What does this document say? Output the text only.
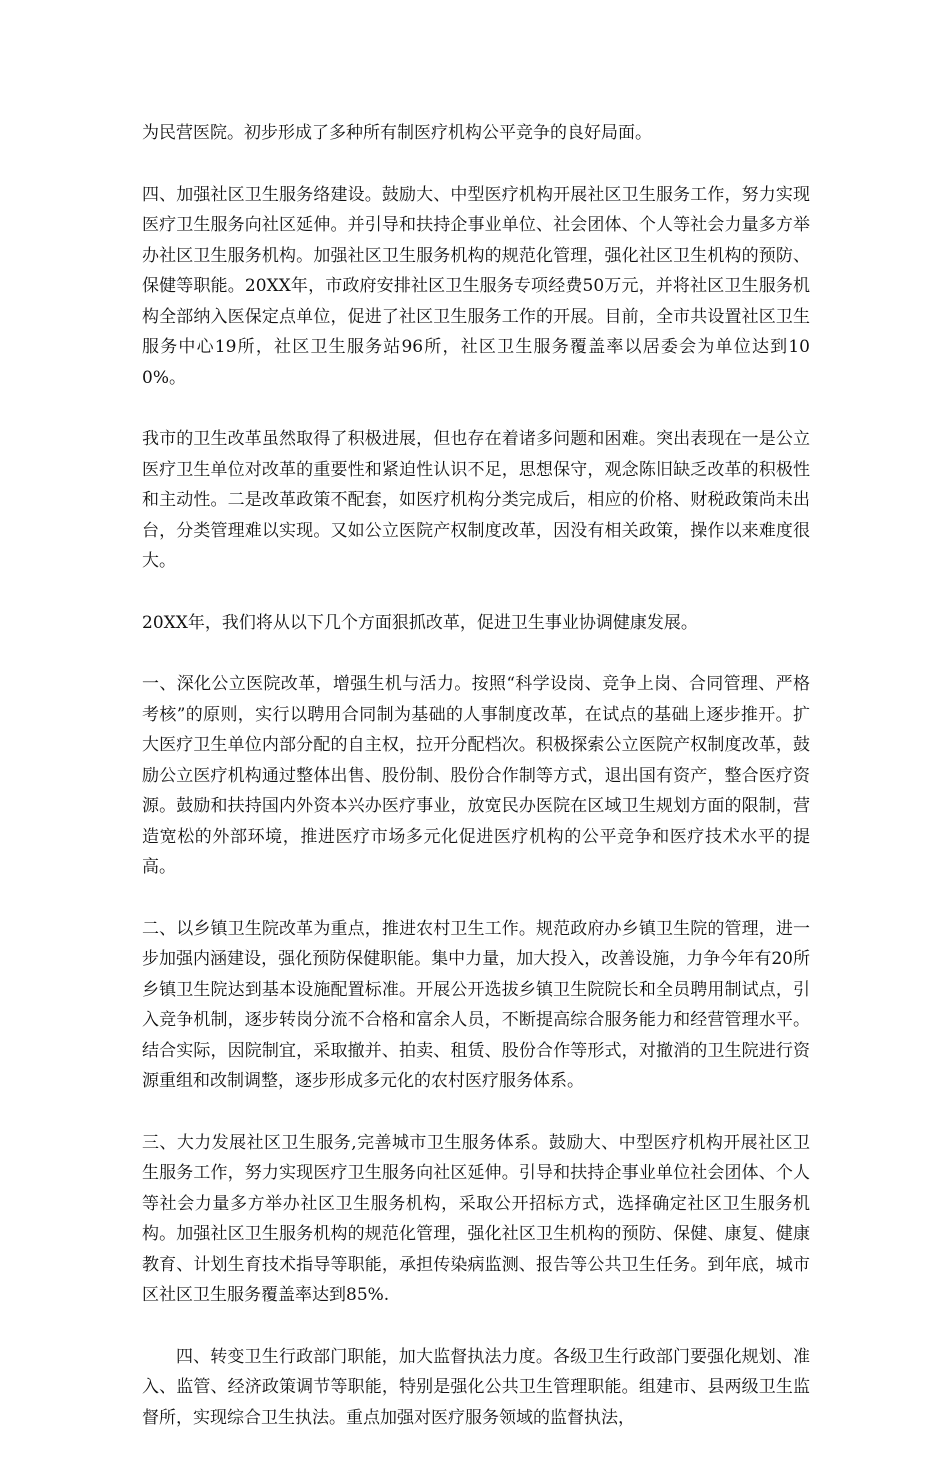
为民营医院。初步形成了多种所有制医疗机构公平竞争的良好局面。

四、加强社区卫生服务络建设。鼓励大、中型医疗机构开展社区卫生服务工作，努力实现医疗卫生服务向社区延伸。并引导和扶持企事业单位、社会团体、个人等社会力量多方举办社区卫生服务机构。加强社区卫生服务机构的规范化管理，强化社区卫生机构的预防、保健等职能。20XX年，市政府安排社区卫生服务专项经费50万元，并将社区卫生服务机构全部纳入医保定点单位，促进了社区卫生服务工作的开展。目前，全市共设置社区卫生服务中心19所，社区卫生服务站96所，社区卫生服务覆盖率以居委会为单位达到100%。

我市的卫生改革虽然取得了积极进展，但也存在着诸多问题和困难。突出表现在一是公立医疗卫生单位对改革的重要性和紧迫性认识不足，思想保守，观念陈旧缺乏改革的积极性和主动性。二是改革政策不配套，如医疗机构分类完成后，相应的价格、财税政策尚未出台，分类管理难以实现。又如公立医院产权制度改革，因没有相关政策，操作以来难度很大。

20XX年，我们将从以下几个方面狠抓改革，促进卫生事业协调健康发展。

一、深化公立医院改革，增强生机与活力。按照“科学设岗、竞争上岗、合同管理、严格考核”的原则，实行以聘用合同制为基础的人事制度改革，在试点的基础上逐步推开。扩大医疗卫生单位内部分配的自主权，拉开分配档次。积极探索公立医院产权制度改革，鼓励公立医疗机构通过整体出售、股份制、股份合作制等方式，退出国有资产，整合医疗资源。鼓励和扶持国内外资本兴办医疗事业，放宽民办医院在区域卫生规划方面的限制，营造宽松的外部环境，推进医疗市场多元化促进医疗机构的公平竞争和医疗技术水平的提高。

二、以乡镇卫生院改革为重点，推进农村卫生工作。规范政府办乡镇卫生院的管理，进一步加强内涵建设，强化预防保健职能。集中力量，加大投入，改善设施，力争今年有20所乡镇卫生院达到基本设施配置标准。开展公开选拔乡镇卫生院院长和全员聘用制试点，引入竞争机制，逐步转岗分流不合格和富余人员，不断提高综合服务能力和经营管理水平。结合实际，因院制宜，采取撤并、拍卖、租赁、股份合作等形式，对撤消的卫生院进行资源重组和改制调整，逐步形成多元化的农村医疗服务体系。

三、大力发展社区卫生服务,完善城市卫生服务体系。鼓励大、中型医疗机构开展社区卫生服务工作，努力实现医疗卫生服务向社区延伸。引导和扶持企事业单位社会团体、个人等社会力量多方举办社区卫生服务机构，采取公开招标方式，选择确定社区卫生服务机构。加强社区卫生服务机构的规范化管理，强化社区卫生机构的预防、保健、康复、健康教育、计划生育技术指导等职能，承担传染病监测、报告等公共卫生任务。到年底，城市区社区卫生服务覆盖率达到85%.

四、转变卫生行政部门职能，加大监督执法力度。各级卫生行政部门要强化规划、准入、监管、经济政策调节等职能，特别是强化公共卫生管理职能。组建市、县两级卫生监督所，实现综合卫生执法。重点加强对医疗服务领域的监督执法，
